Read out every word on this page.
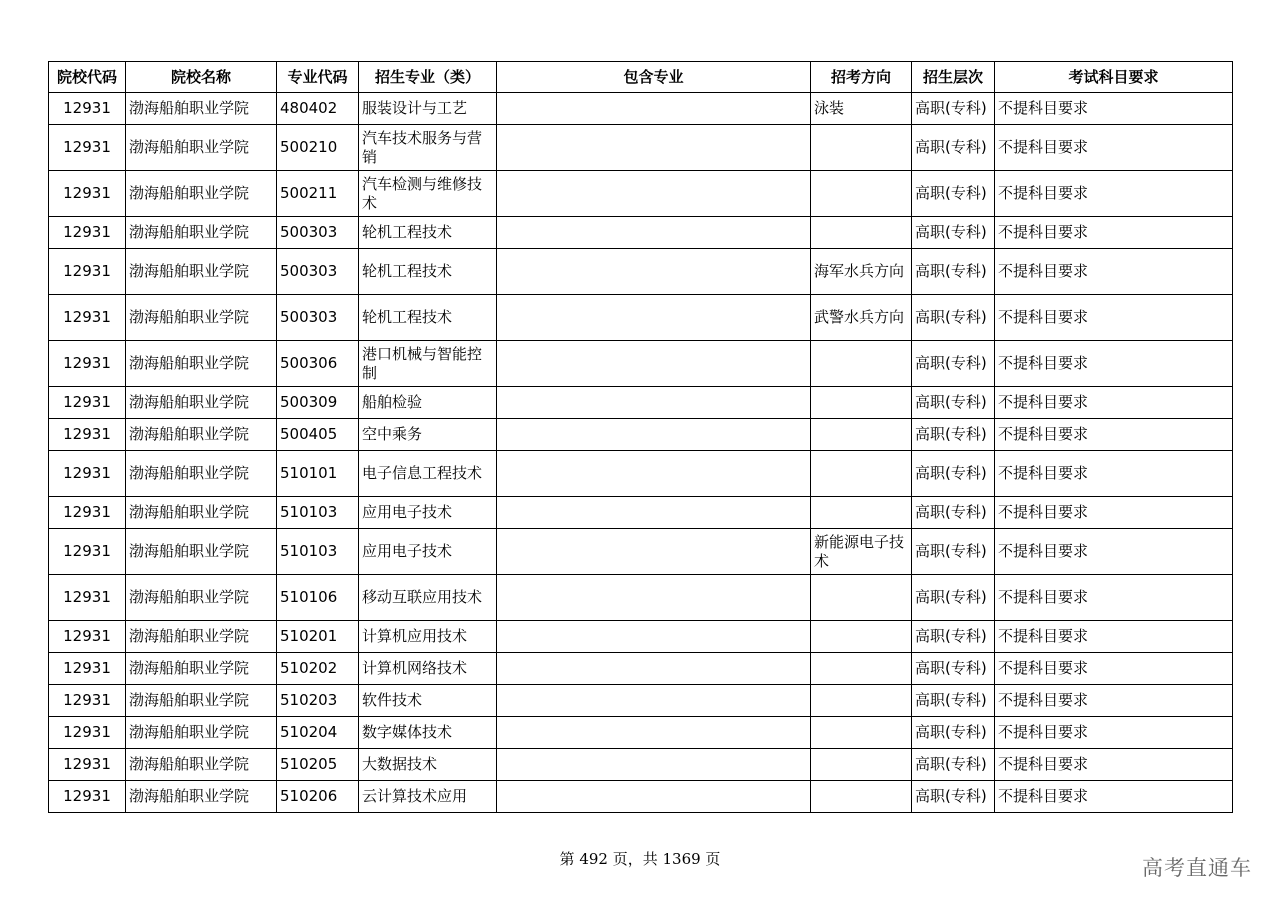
院校代码	院校名称	专业代码	招生专业（类）	包含专业	招考方向	招生层次	考试科目要求
12931	渤海船舶职业学院	480402	服装设计与工艺		泳装	高职(专科)	不提科目要求
12931	渤海船舶职业学院	500210	汽车技术服务与营销			高职(专科)	不提科目要求
12931	渤海船舶职业学院	500211	汽车检测与维修技术			高职(专科)	不提科目要求
12931	渤海船舶职业学院	500303	轮机工程技术			高职(专科)	不提科目要求
12931	渤海船舶职业学院	500303	轮机工程技术		海军水兵方向	高职(专科)	不提科目要求
12931	渤海船舶职业学院	500303	轮机工程技术		武警水兵方向	高职(专科)	不提科目要求
12931	渤海船舶职业学院	500306	港口机械与智能控制			高职(专科)	不提科目要求
12931	渤海船舶职业学院	500309	船舶检验			高职(专科)	不提科目要求
12931	渤海船舶职业学院	500405	空中乘务			高职(专科)	不提科目要求
12931	渤海船舶职业学院	510101	电子信息工程技术			高职(专科)	不提科目要求
12931	渤海船舶职业学院	510103	应用电子技术			高职(专科)	不提科目要求
12931	渤海船舶职业学院	510103	应用电子技术		新能源电子技术	高职(专科)	不提科目要求
12931	渤海船舶职业学院	510106	移动互联应用技术			高职(专科)	不提科目要求
12931	渤海船舶职业学院	510201	计算机应用技术			高职(专科)	不提科目要求
12931	渤海船舶职业学院	510202	计算机网络技术			高职(专科)	不提科目要求
12931	渤海船舶职业学院	510203	软件技术			高职(专科)	不提科目要求
12931	渤海船舶职业学院	510204	数字媒体技术			高职(专科)	不提科目要求
12931	渤海船舶职业学院	510205	大数据技术			高职(专科)	不提科目要求
12931	渤海船舶职业学院	510206	云计算技术应用			高职(专科)	不提科目要求
第 492 页，共 1369 页	高考直通车
